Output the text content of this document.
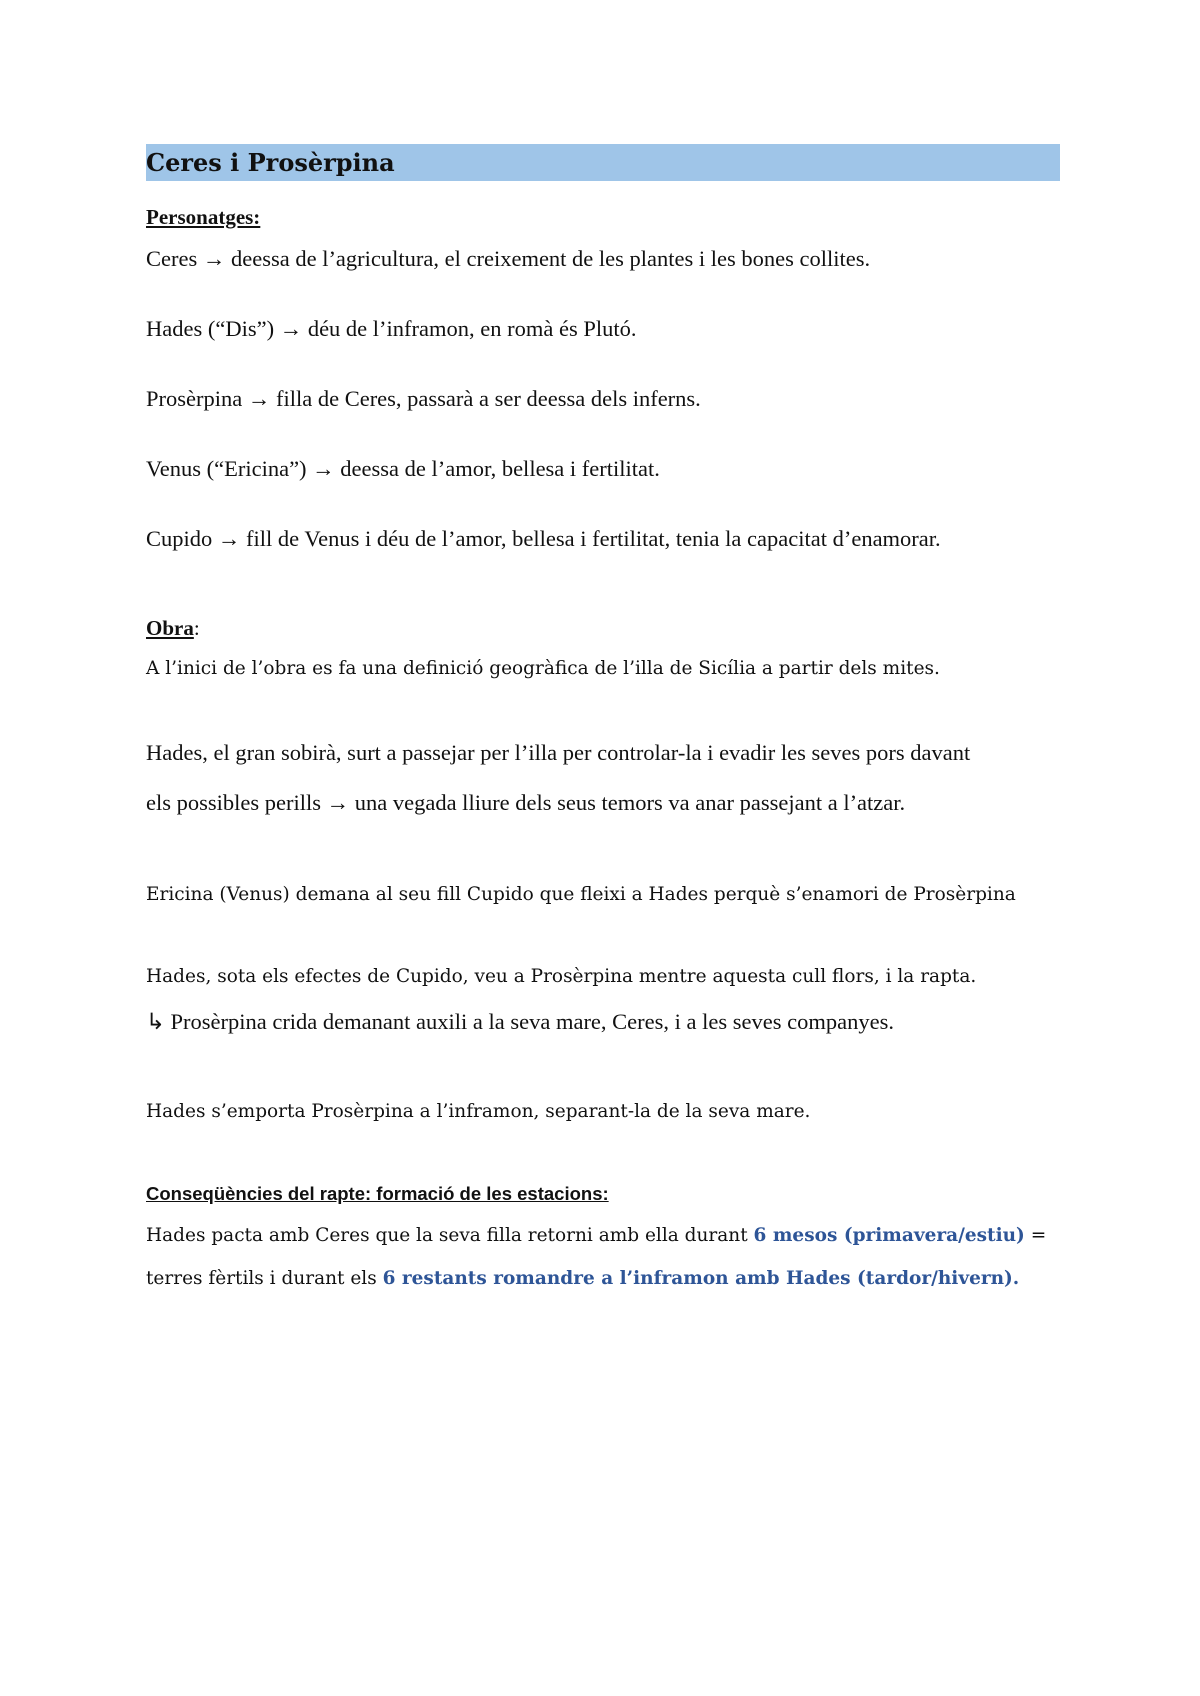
Ceres i Prosèrpina
Personatges:
Ceres → deessa de l’agricultura, el creixement de les plantes i les bones collites.
Hades (“Dis”) → déu de l’inframon, en romà és Plutó.
Prosèrpina → filla de Ceres, passarà a ser deessa dels inferns.
Venus (“Ericina”) → deessa de l’amor, bellesa i fertilitat.
Cupido → fill de Venus i déu de l’amor, bellesa i fertilitat, tenia la capacitat d’enamorar.
Obra:
A l’inici de l’obra es fa una definició geogràfica de l’illa de Sicília a partir dels mites.
Hades, el gran sobirà, surt a passejar per l’illa per controlar-la i evadir les seves pors davant
els possibles perills → una vegada lliure dels seus temors va anar passejant a l’atzar.
Ericina (Venus) demana al seu fill Cupido que fleixi a Hades perquè s’enamori de Prosèrpina
Hades, sota els efectes de Cupido, veu a Prosèrpina mentre aquesta cull flors, i la rapta.
↳ Prosèrpina crida demanant auxili a la seva mare, Ceres, i a les seves companyes.
Hades s’emporta Prosèrpina a l’inframon, separant-la de la seva mare.
Conseqüències del rapte: formació de les estacions:
Hades pacta amb Ceres que la seva filla retorni amb ella durant 6 mesos (primavera/estiu) =
terres fèrtils i durant els 6 restants romandre a l’inframon amb Hades (tardor/hivern).
